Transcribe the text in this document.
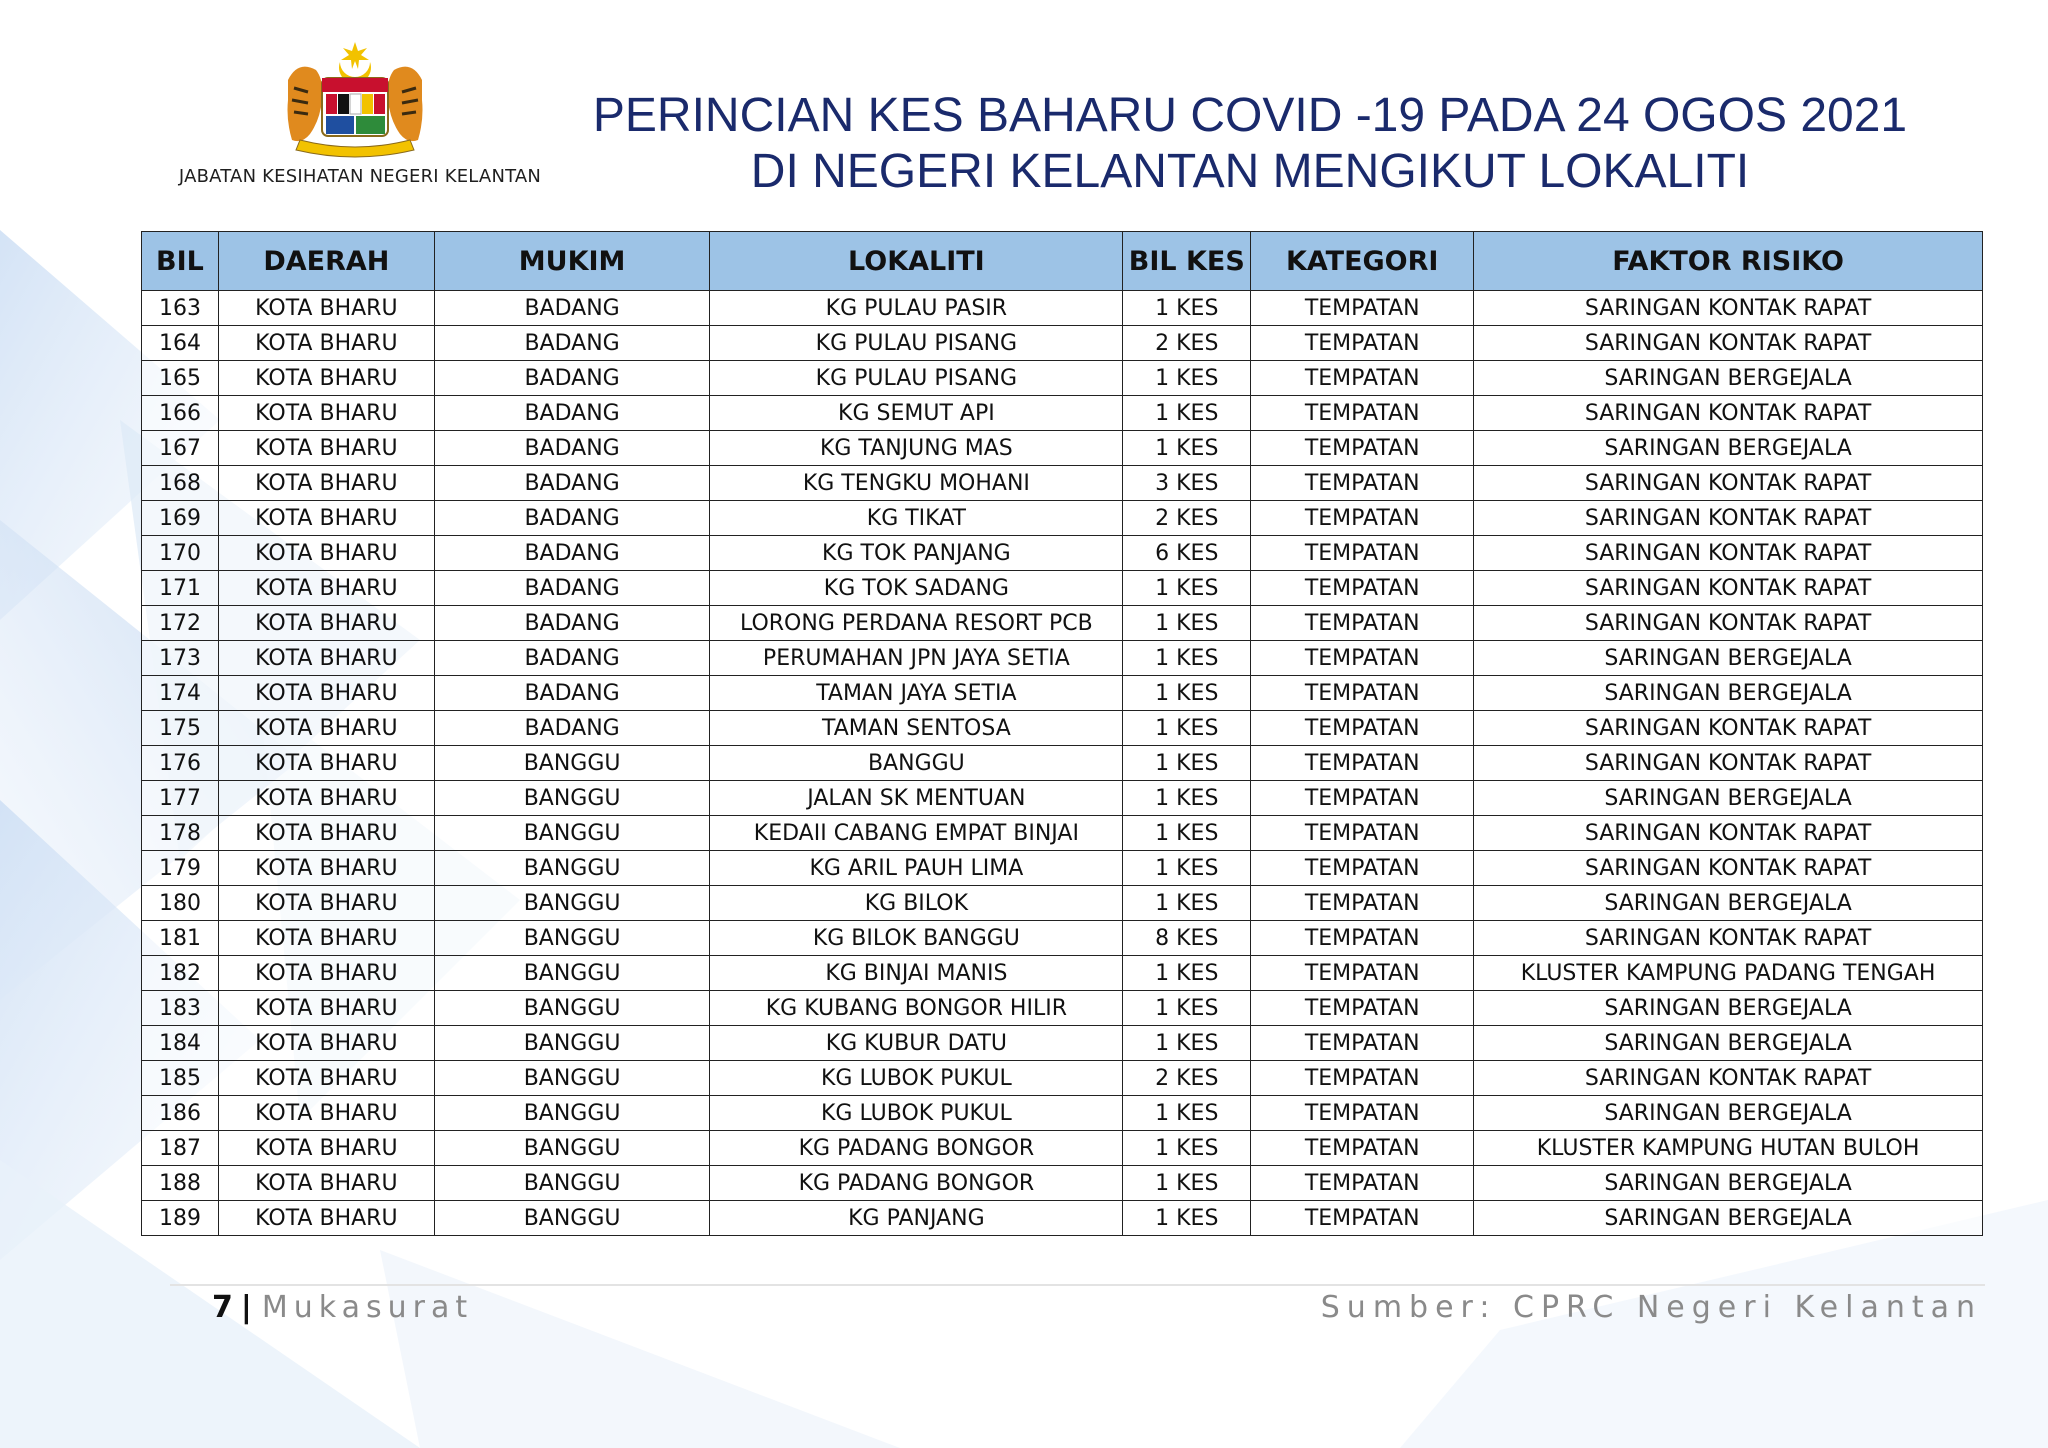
JABATAN KESIHATAN NEGERI KELANTAN
PERINCIAN KES BAHARU COVID -19 PADA 24 OGOS 2021
DI NEGERI KELANTAN MENGIKUT LOKALITI
BIL	DAERAH	MUKIM	LOKALITI	BIL KES	KATEGORI	FAKTOR RISIKO
163	KOTA BHARU	BADANG	KG PULAU PASIR	1 KES	TEMPATAN	SARINGAN KONTAK RAPAT
164	KOTA BHARU	BADANG	KG PULAU PISANG	2 KES	TEMPATAN	SARINGAN KONTAK RAPAT
165	KOTA BHARU	BADANG	KG PULAU PISANG	1 KES	TEMPATAN	SARINGAN BERGEJALA
166	KOTA BHARU	BADANG	KG SEMUT API	1 KES	TEMPATAN	SARINGAN KONTAK RAPAT
167	KOTA BHARU	BADANG	KG TANJUNG MAS	1 KES	TEMPATAN	SARINGAN BERGEJALA
168	KOTA BHARU	BADANG	KG TENGKU MOHANI	3 KES	TEMPATAN	SARINGAN KONTAK RAPAT
169	KOTA BHARU	BADANG	KG TIKAT	2 KES	TEMPATAN	SARINGAN KONTAK RAPAT
170	KOTA BHARU	BADANG	KG TOK PANJANG	6 KES	TEMPATAN	SARINGAN KONTAK RAPAT
171	KOTA BHARU	BADANG	KG TOK SADANG	1 KES	TEMPATAN	SARINGAN KONTAK RAPAT
172	KOTA BHARU	BADANG	LORONG PERDANA RESORT PCB	1 KES	TEMPATAN	SARINGAN KONTAK RAPAT
173	KOTA BHARU	BADANG	PERUMAHAN JPN JAYA SETIA	1 KES	TEMPATAN	SARINGAN BERGEJALA
174	KOTA BHARU	BADANG	TAMAN JAYA SETIA	1 KES	TEMPATAN	SARINGAN BERGEJALA
175	KOTA BHARU	BADANG	TAMAN SENTOSA	1 KES	TEMPATAN	SARINGAN KONTAK RAPAT
176	KOTA BHARU	BANGGU	BANGGU	1 KES	TEMPATAN	SARINGAN KONTAK RAPAT
177	KOTA BHARU	BANGGU	JALAN SK MENTUAN	1 KES	TEMPATAN	SARINGAN BERGEJALA
178	KOTA BHARU	BANGGU	KEDAII CABANG EMPAT BINJAI	1 KES	TEMPATAN	SARINGAN KONTAK RAPAT
179	KOTA BHARU	BANGGU	KG ARIL PAUH LIMA	1 KES	TEMPATAN	SARINGAN KONTAK RAPAT
180	KOTA BHARU	BANGGU	KG BILOK	1 KES	TEMPATAN	SARINGAN BERGEJALA
181	KOTA BHARU	BANGGU	KG BILOK BANGGU	8 KES	TEMPATAN	SARINGAN KONTAK RAPAT
182	KOTA BHARU	BANGGU	KG BINJAI MANIS	1 KES	TEMPATAN	KLUSTER KAMPUNG PADANG TENGAH
183	KOTA BHARU	BANGGU	KG KUBANG BONGOR HILIR	1 KES	TEMPATAN	SARINGAN BERGEJALA
184	KOTA BHARU	BANGGU	KG KUBUR DATU	1 KES	TEMPATAN	SARINGAN BERGEJALA
185	KOTA BHARU	BANGGU	KG LUBOK PUKUL	2 KES	TEMPATAN	SARINGAN KONTAK RAPAT
186	KOTA BHARU	BANGGU	KG LUBOK PUKUL	1 KES	TEMPATAN	SARINGAN BERGEJALA
187	KOTA BHARU	BANGGU	KG PADANG BONGOR	1 KES	TEMPATAN	KLUSTER KAMPUNG HUTAN BULOH
188	KOTA BHARU	BANGGU	KG PADANG BONGOR	1 KES	TEMPATAN	SARINGAN BERGEJALA
189	KOTA BHARU	BANGGU	KG PANJANG	1 KES	TEMPATAN	SARINGAN BERGEJALA
7 | Mukasurat	Sumber: CPRC Negeri Kelantan
